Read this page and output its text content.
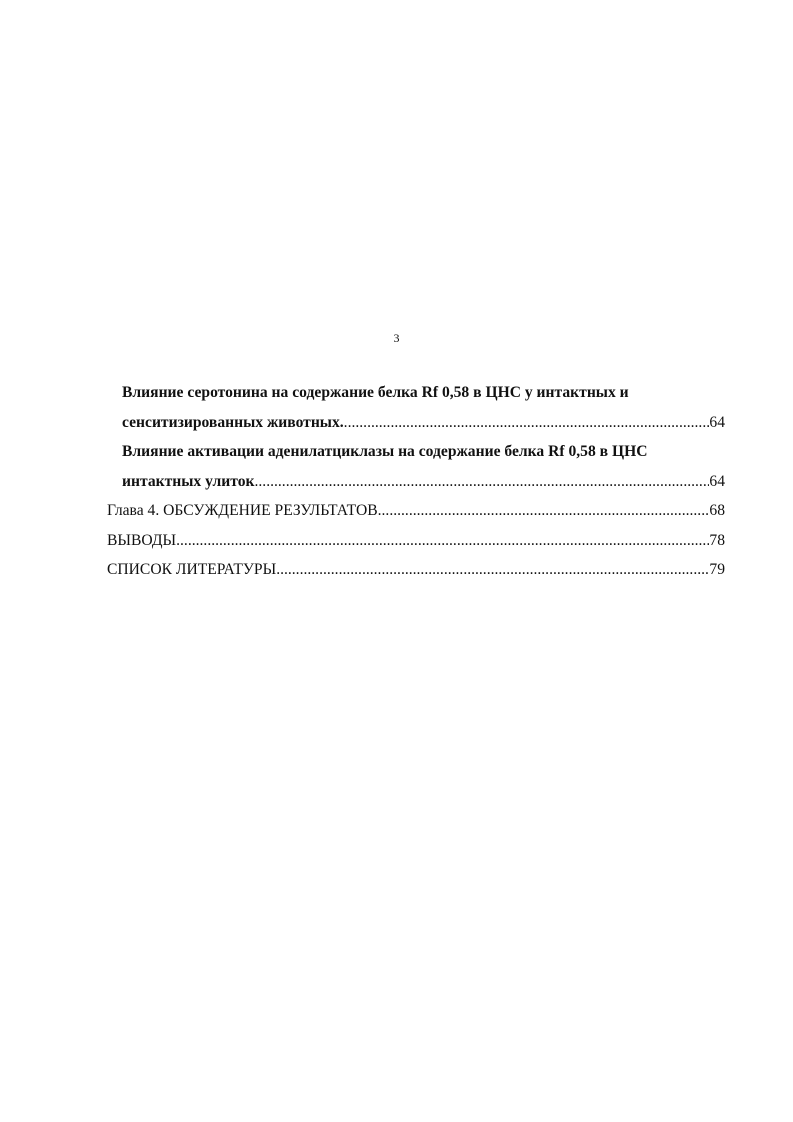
3
Влияние серотонина на содержание белка Rf 0,58 в ЦНС у интактных и
сенситизированных животных. .....	64
Влияние активации аденилатциклазы на содержание белка Rf 0,58 в ЦНС
интактных улиток .....	64
Глава 4. ОБСУЖДЕНИЕ РЕЗУЛЬТАТОВ .....	68
ВЫВОДЫ .....	78
СПИСОК ЛИТЕРАТУРЫ .....	79
